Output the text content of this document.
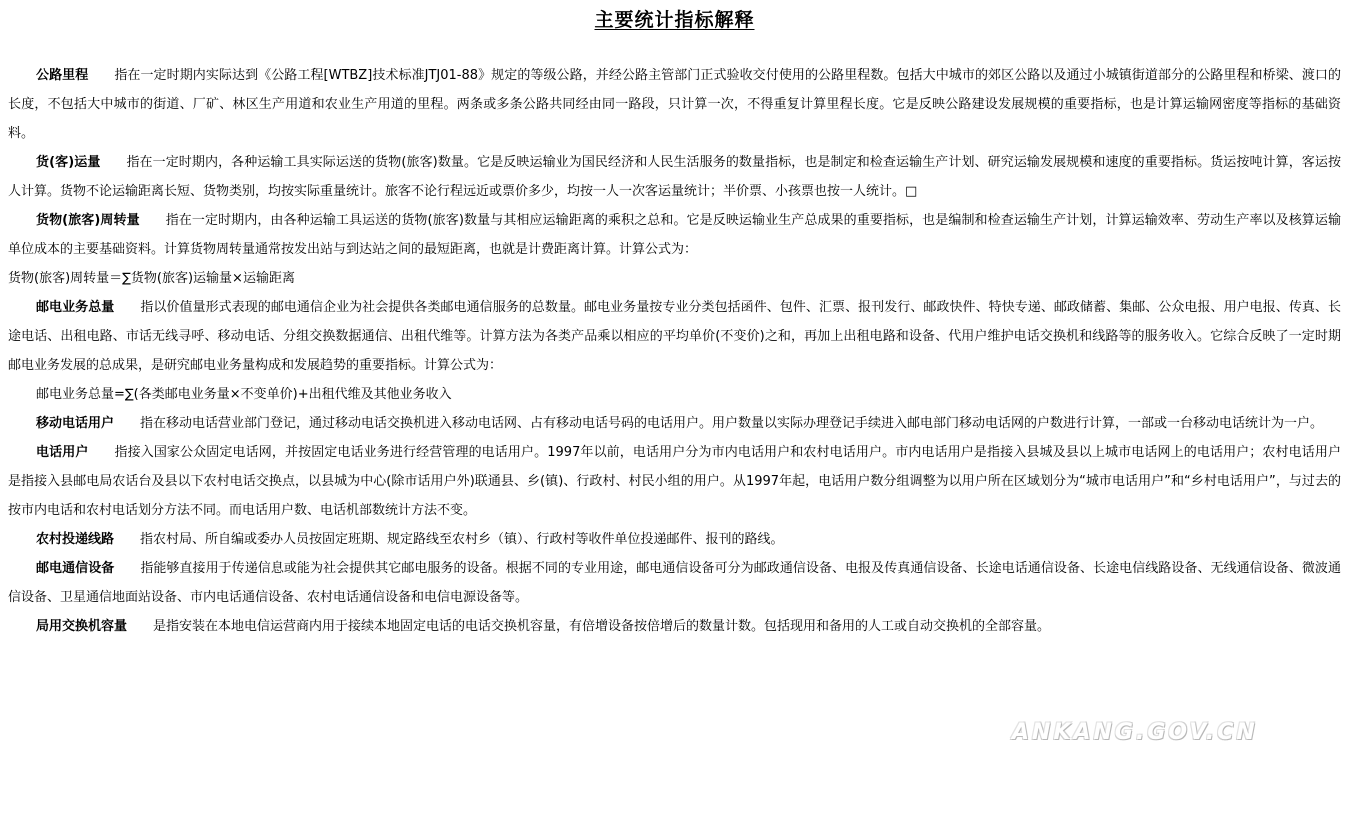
主要统计指标解释

公路里程 指在一定时期内实际达到《公路工程[WTBZ]技术标准JTJ01-88》规定的等级公路，并经公路主管部门正式验收交付使用的公路里程数。包括大中城市的郊区公路以及通过小城镇街道部分的公路里程和桥梁、渡口的长度，不包括大中城市的街道、厂矿、林区生产用道和农业生产用道的里程。两条或多条公路共同经由同一路段，只计算一次，不得重复计算里程长度。它是反映公路建设发展规模的重要指标，也是计算运输网密度等指标的基础资料。

货(客)运量 指在一定时期内，各种运输工具实际运送的货物(旅客)数量。它是反映运输业为国民经济和人民生活服务的数量指标，也是制定和检查运输生产计划、研究运输发展规模和速度的重要指标。货运按吨计算，客运按人计算。货物不论运输距离长短、货物类别，均按实际重量统计。旅客不论行程远近或票价多少，均按一人一次客运量统计；半价票、小孩票也按一人统计。□

货物(旅客)周转量 指在一定时期内，由各种运输工具运送的货物(旅客)数量与其相应运输距离的乘积之总和。它是反映运输业生产总成果的重要指标，也是编制和检查运输生产计划，计算运输效率、劳动生产率以及核算运输单位成本的主要基础资料。计算货物周转量通常按发出站与到达站之间的最短距离，也就是计费距离计算。计算公式为：

货物(旅客)周转量＝∑货物(旅客)运输量×运输距离

邮电业务总量 指以价值量形式表现的邮电通信企业为社会提供各类邮电通信服务的总数量。邮电业务量按专业分类包括函件、包件、汇票、报刊发行、邮政快件、特快专递、邮政储蓄、集邮、公众电报、用户电报、传真、长途电话、出租电路、市话无线寻呼、移动电话、分组交换数据通信、出租代维等。计算方法为各类产品乘以相应的平均单价(不变价)之和，再加上出租电路和设备、代用户维护电话交换机和线路等的服务收入。它综合反映了一定时期邮电业务发展的总成果，是研究邮电业务量构成和发展趋势的重要指标。计算公式为：

邮电业务总量=∑(各类邮电业务量×不变单价)+出租代维及其他业务收入

移动电话用户 指在移动电话营业部门登记，通过移动电话交换机进入移动电话网、占有移动电话号码的电话用户。用户数量以实际办理登记手续进入邮电部门移动电话网的户数进行计算，一部或一台移动电话统计为一户。

电话用户 指接入国家公众固定电话网，并按固定电话业务进行经营管理的电话用户。1997年以前，电话用户分为市内电话用户和农村电话用户。市内电话用户是指接入县城及县以上城市电话网上的电话用户；农村电话用户是指接入县邮电局农话台及县以下农村电话交换点，以县城为中心(除市话用户外)联通县、乡(镇)、行政村、村民小组的用户。从1997年起，电话用户数分组调整为以用户所在区域划分为“城市电话用户”和“乡村电话用户”，与过去的按市内电话和农村电话划分方法不同。而电话用户数、电话机部数统计方法不变。

农村投递线路 指农村局、所自编或委办人员按固定班期、规定路线至农村乡（镇）、行政村等收件单位投递邮件、报刊的路线。

邮电通信设备 指能够直接用于传递信息或能为社会提供其它邮电服务的设备。根据不同的专业用途，邮电通信设备可分为邮政通信设备、电报及传真通信设备、长途电话通信设备、长途电信线路设备、无线通信设备、微波通信设备、卫星通信地面站设备、市内电话通信设备、农村电话通信设备和电信电源设备等。

局用交换机容量 是指安装在本地电信运营商内用于接续本地固定电话的电话交换机容量，有倍增设备按倍增后的数量计数。包括现用和备用的人工或自动交换机的全部容量。

ANKANG.GOV.CN
